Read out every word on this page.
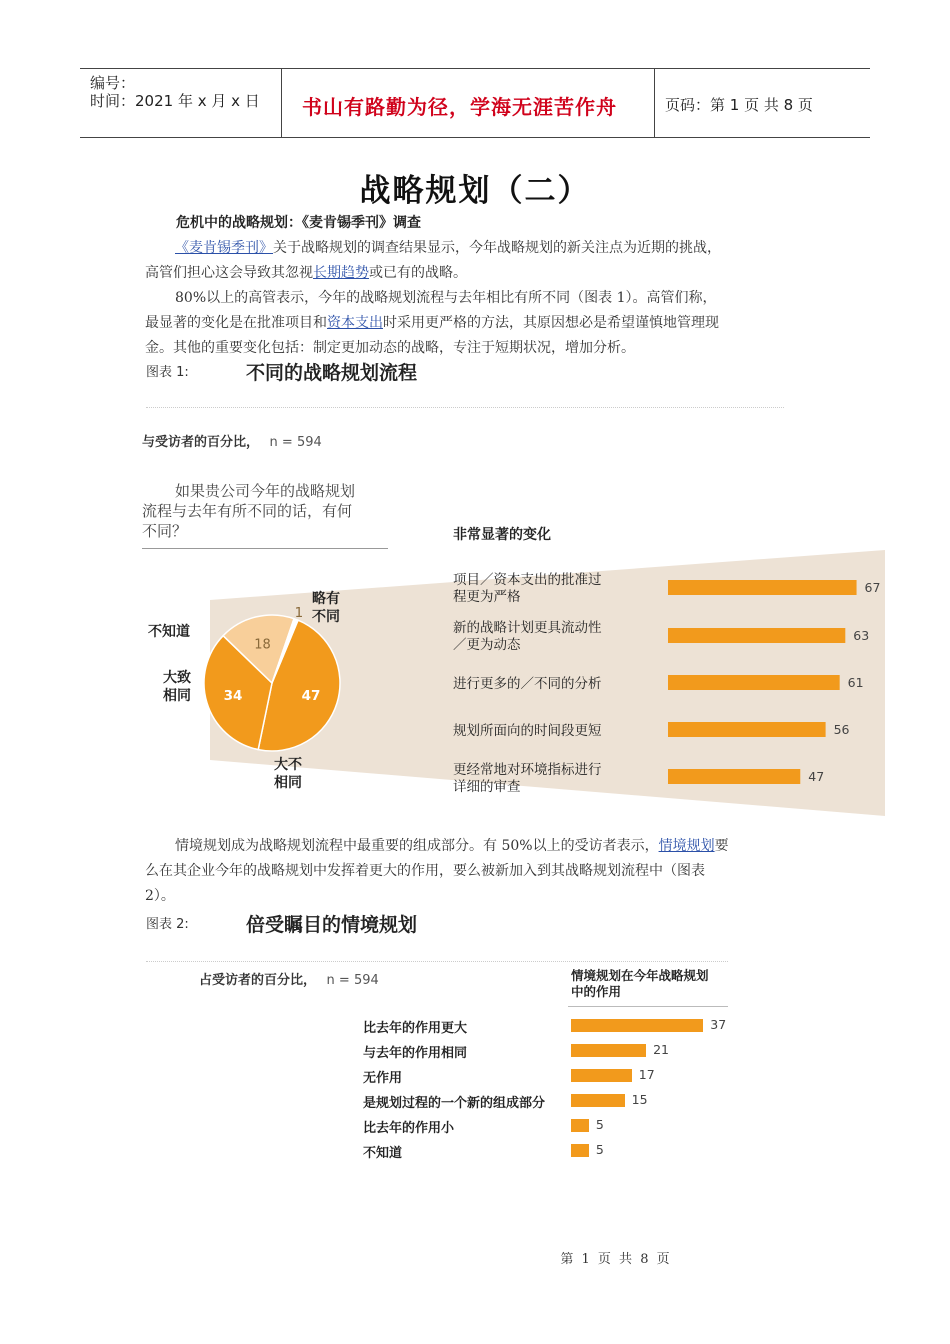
编号：
时间：2021 年 x 月 x 日 书山有路勤为径，学海无涯苦作舟	页码：第 1 页 共 8 页
战略规划（二）
危机中的战略规划：《麦肯锡季刊》调查
《麦肯锡季刊》关于战略规划的调查结果显示，今年战略规划的新关注点为近期的挑战，
高管们担心这会导致其忽视长期趋势或已有的战略。
80%以上的高管表示，今年的战略规划流程与去年相比有所不同（图表 1）。高管们称，
最显著的变化是在批准项目和资本支出时采用更严格的方法，其原因想必是希望谨慎地管理现
金。其他的重要变化包括：制定更加动态的战略，专注于短期状况，增加分析。
图表 1:	不同的战略规划流程
与受访者的百分比， n = 594
如果贵公司今年的战略规划
流程与去年有所不同的话，有何
不同？
47
34
18
1
67
63
61
56
47
不知道
大致
相同
略有
不同
大不
相同
非常显著的变化
项目／资本支出的批准过
程更为严格
新的战略计划更具流动性
／更为动态
进行更多的／不同的分析
规划所面向的时间段更短
更经常地对环境指标进行
详细的审查
情境规划成为战略规划流程中最重要的组成部分。有 50%以上的受访者表示，情境规划要
么在其企业今年的战略规划中发挥着更大的作用，要么被新加入到其战略规划流程中（图表
2）。
图表 2:	倍受瞩目的情境规划
占受访者的百分比， n = 594	情境规划在今年战略规划
中的作用
比去年的作用更大	37
与去年的作用相同	21
无作用	17
是规划过程的一个新的组成部分	15
比去年的作用小	5
不知道	5
第 1 页 共 8 页
